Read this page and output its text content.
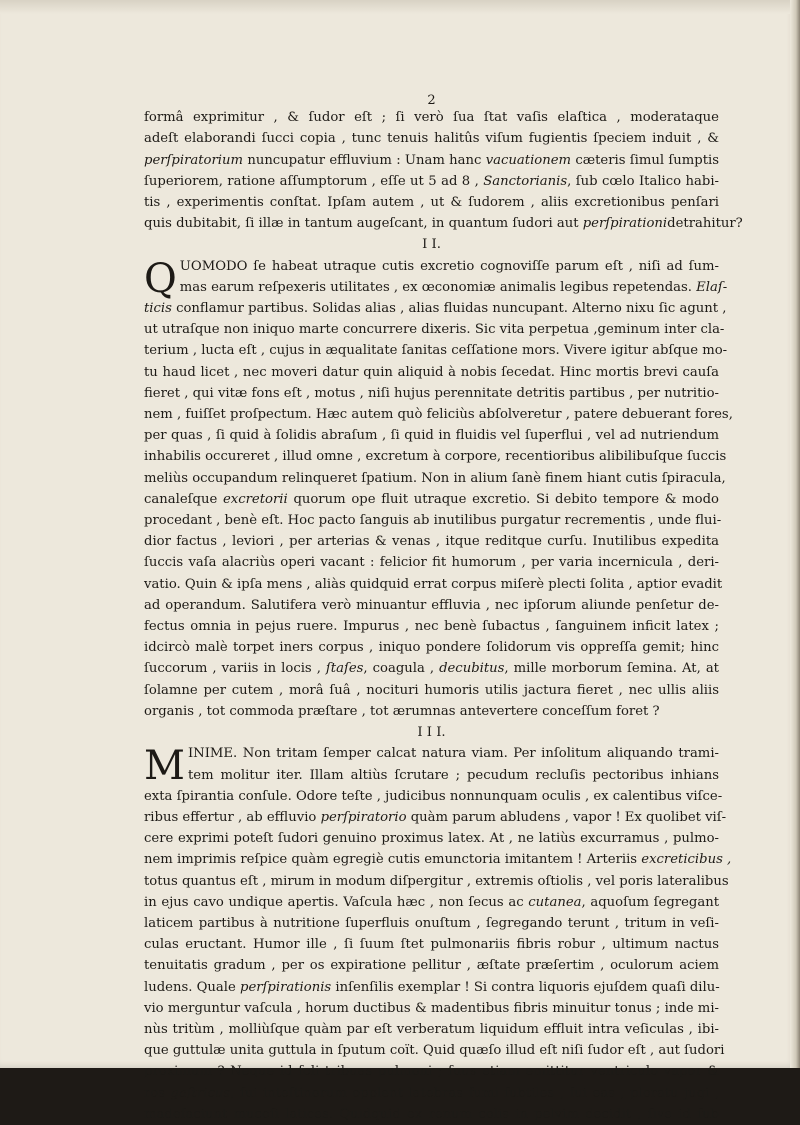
2
formâ exprimitur , & ſudor eſt ; ſi verò ſua ſtat vaſis elaſtica , moderataque
adeſt elaborandi ſucci copia , tunc tenuis halitûs viſum fugientis ſpeciem induit , &
perſpiratorium nuncupatur effluvium : Unam hanc vacuationem cæteris ſimul ſumptis
ſuperiorem, ratione aſſumptorum , eſſe ut 5 ad 8 , Sanctorianis, ſub cœlo Italico habi-
tis , experimentis conſtat. Ipſam autem , ut & ſudorem , aliis excretionibus penſari
quis dubitabit, ſi illæ in tantum augeſcant, in quantum ſudori aut perſpirationidetrahitur?
I I.
Q UOMODO ſe habeat utraque cutis excretio cognoviſſe parum eſt , niſi ad ſum-
mas earum reſpexeris utilitates , ex œconomiæ animalis legibus repetendas. Elaſ-
ticis conflamur partibus. Solidas alias , alias fluidas nuncupant. Alterno nixu ſic agunt ,
ut utraſque non iniquo marte concurrere dixeris. Sic vita perpetua ,geminum inter cla-
terium , lucta eſt , cujus in æqualitate ſanitas ceſſatione mors. Vivere igitur abſque mo-
tu haud licet , nec moveri datur quin aliquid à nobis ſecedat. Hinc mortis brevi cauſa
fieret , qui vitæ fons eſt , motus , niſi hujus perennitate detritis partibus , per nutritio-
nem , fuiſſet proſpectum. Hæc autem quò feliciùs abſolveretur , patere debuerant fores,
per quas , ſi quid à ſolidis abraſum , ſi quid in fluidis vel ſuperflui , vel ad nutriendum
inhabilis occureret , illud omne , excretum à corpore, recentioribus alibilibuſque ſuccis
meliùs occupandum relinqueret ſpatium. Non in alium ſanè finem hiant cutis ſpiracula,
canaleſque excretorii quorum ope fluit utraque excretio. Si debito tempore & modo
procedant , benè eſt. Hoc pacto ſanguis ab inutilibus purgatur recrementis , unde flui-
dior factus , leviori , per arterias & venas , itque reditque curſu. Inutilibus expedita
ſuccis vaſa alacriùs operi vacant : felicior fit humorum , per varia incernicula , deri-
vatio. Quin & ipſa mens , aliàs quidquid errat corpus miſerè plecti ſolita , aptior evadit
ad operandum. Salutifera verò minuantur effluvia , nec ipſorum aliunde penſetur de-
fectus omnia in pejus ruere. Impurus , nec benè ſubactus , ſanguinem inficit latex ;
idcircò malè torpet iners corpus , iniquo pondere ſolidorum vis oppreſſa gemit; hinc
ſuccorum , variis in locis , ſtaſes, coagula , decubitus, mille morborum ſemina. At, at
ſolamne per cutem , morâ ſuâ , nocituri humoris utilis jactura fieret , nec ullis aliis
organis , tot commoda præſtare , tot ærumnas antevertere conceſſum foret ?
I I I.
M INIME. Non tritam ſemper calcat natura viam. Per inſolitum aliquando trami-
tem molitur iter. Illam altiùs ſcrutare ; pecudum recluſis pectoribus inhians
exta ſpirantia conſule. Odore teſte , judicibus nonnunquam oculis , ex calentibus viſce-
ribus effertur , ab effluvio perſpiratorio quàm parum abludens , vapor ! Ex quolibet viſ-
cere exprimi poteſt ſudori genuino proximus latex. At , ne latiùs excurramus , pulmo-
nem imprimis reſpice quàm egregiè cutis emunctoria imitantem ! Arteriis excreticibus ,
totus quantus eſt , mirum in modum diſpergitur , extremis oſtiolis , vel poris lateralibus
in ejus cavo undique apertis. Vaſcula hæc , non ſecus ac cutanea, aquoſum ſegregant
laticem partibus à nutritione ſuperfluis onuſtum , ſegregando terunt , tritum in veſi-
culas eructant. Humor ille , ſi ſuum ſtet pulmonariis fibris robur , ultimum nactus
tenuitatis gradum , per os expiratione pellitur , æſtate præſertim , oculorum aciem
ludens. Quale perſpirationis inſenſilis exemplar ! Si contra liquoris ejuſdem quaſi dilu-
vio merguntur vaſcula , horum ductibus & madentibus fibris minuitur tonus ; inde mi-
nùs tritùm , molliùſque quàm par eſt verberatum liquidum effluit intra veſiculas , ibi-
que guttulæ unita guttula in ſputum coït. Quid quæſo illud eſt niſi ſudor eſt , aut ſudori
proximum ? Neque id ſoli tribuas pulmoni ; ſuus etiam emittitur ventriculo vapor &
ros gaſtricus, ſui inteſtinorum opplent latebras fumi ſubtiles , ſui eas , ploratu jugi ,
madefaciunt mucoſi latices. Quidquid ex renum colis in pelvim decidit , ſive id ſub
